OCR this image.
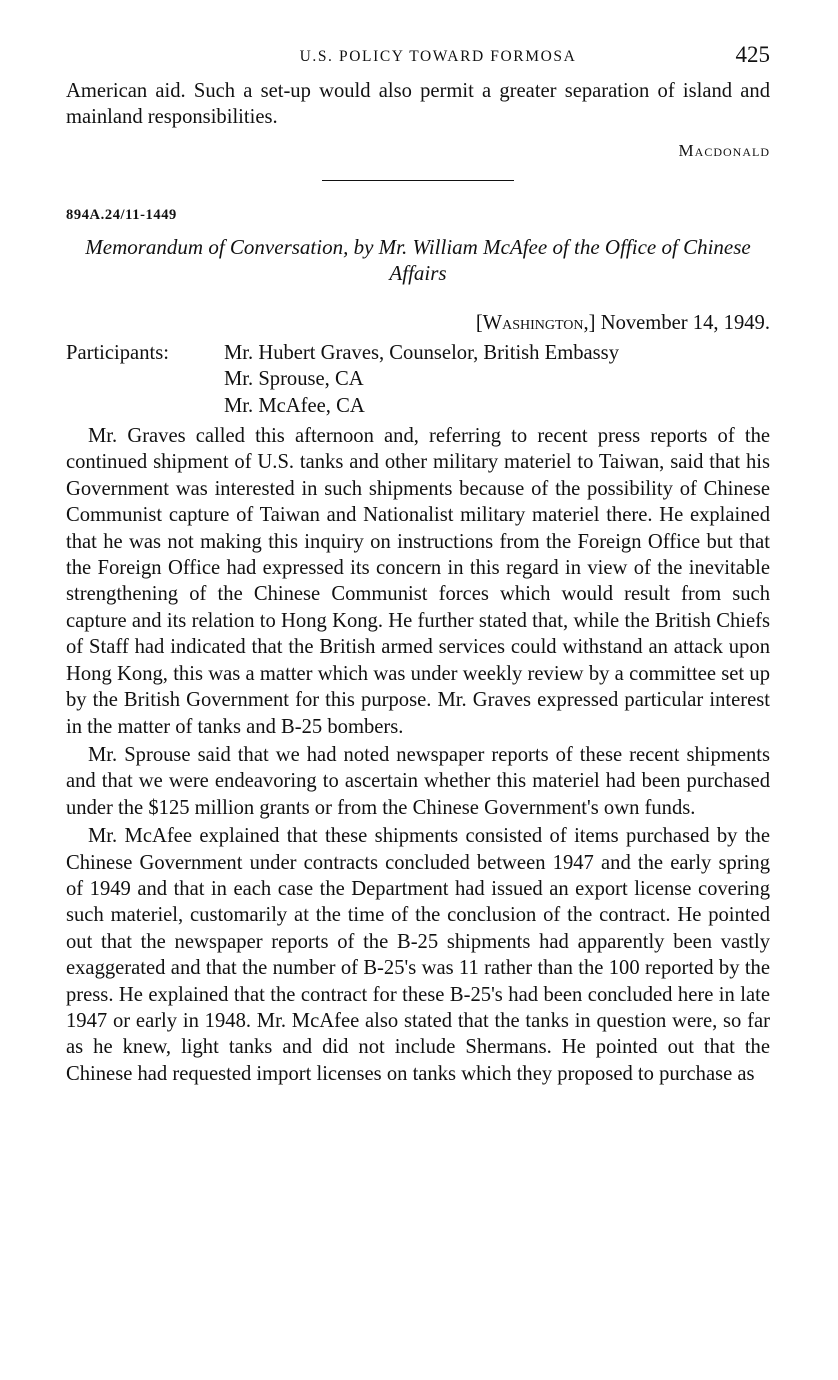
U.S. POLICY TOWARD FORMOSA	425

American aid. Such a set-up would also permit a greater separation of island and mainland responsibilities.

Macdonald
894A.24/11-1449
Memorandum of Conversation, by Mr. William McAfee of the Office of Chinese Affairs
[Washington,] November 14, 1949.
Participants:	Mr. Hubert Graves, Counselor, British Embassy
Mr. Sprouse, CA
Mr. McAfee, CA

Mr. Graves called this afternoon and, referring to recent press reports of the continued shipment of U.S. tanks and other military materiel to Taiwan, said that his Government was interested in such shipments because of the possibility of Chinese Communist capture of Taiwan and Nationalist military materiel there. He explained that he was not making this inquiry on instructions from the Foreign Office but that the Foreign Office had expressed its concern in this regard in view of the inevitable strengthening of the Chinese Communist forces which would result from such capture and its relation to Hong Kong. He further stated that, while the British Chiefs of Staff had indicated that the British armed services could withstand an attack upon Hong Kong, this was a matter which was under weekly review by a committee set up by the British Government for this purpose. Mr. Graves expressed particular interest in the matter of tanks and B-25 bombers.

Mr. Sprouse said that we had noted newspaper reports of these recent shipments and that we were endeavoring to ascertain whether this materiel had been purchased under the $125 million grants or from the Chinese Government's own funds.

Mr. McAfee explained that these shipments consisted of items purchased by the Chinese Government under contracts concluded between 1947 and the early spring of 1949 and that in each case the Department had issued an export license covering such materiel, customarily at the time of the conclusion of the contract. He pointed out that the newspaper reports of the B-25 shipments had apparently been vastly exaggerated and that the number of B-25's was 11 rather than the 100 reported by the press. He explained that the contract for these B-25's had been concluded here in late 1947 or early in 1948. Mr. McAfee also stated that the tanks in question were, so far as he knew, light tanks and did not include Shermans. He pointed out that the Chinese had requested import licenses on tanks which they proposed to purchase as
